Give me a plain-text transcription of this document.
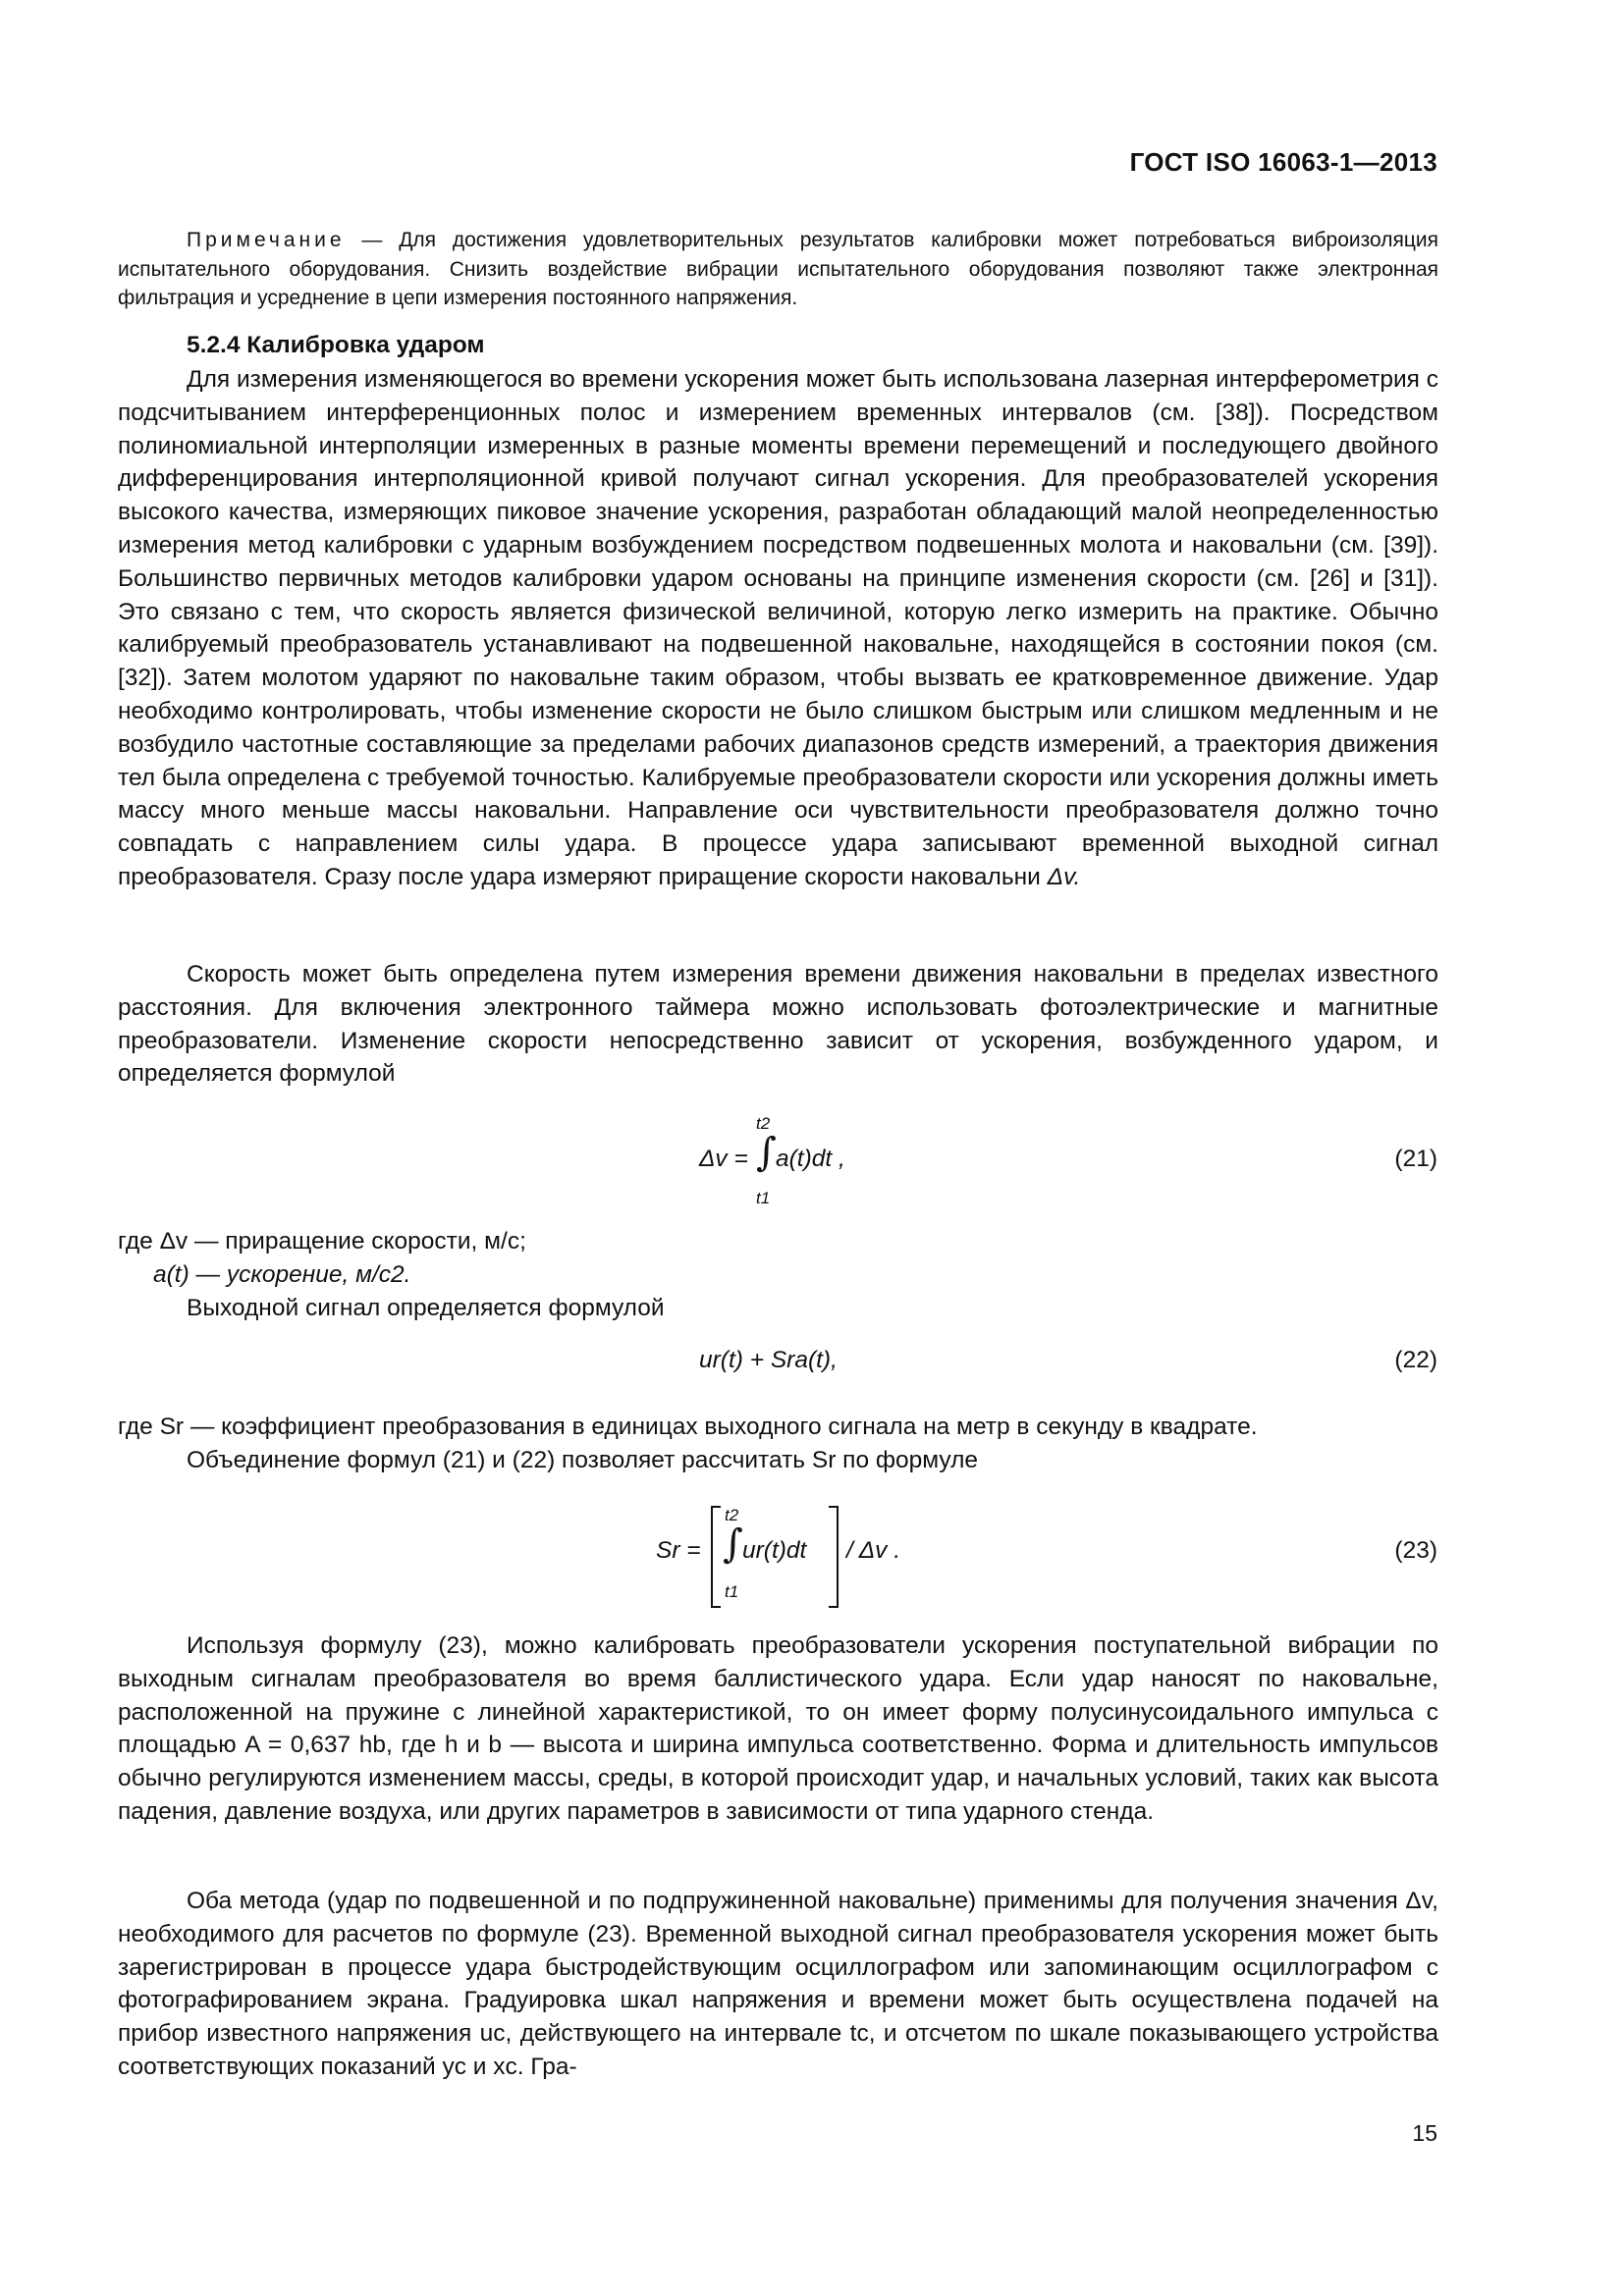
ГОСТ ISO 16063-1—2013

Примечание — Для достижения удовлетворительных результатов калибровки может потребоваться виброизоляция испытательного оборудования. Снизить воздействие вибрации испытательного оборудования позволяют также электронная фильтрация и усреднение в цепи измерения постоянного напряжения.

5.2.4 Калибровка ударом

Для измерения изменяющегося во времени ускорения может быть использована лазерная интерферометрия с подсчитыванием интерференционных полос и измерением временных интервалов (см. [38]). Посредством полиномиальной интерполяции измеренных в разные моменты времени перемещений и последующего двойного дифференцирования интерполяционной кривой получают сигнал ускорения. Для преобразователей ускорения высокого качества, измеряющих пиковое значение ускорения, разработан обладающий малой неопределенностью измерения метод калибровки с ударным возбуждением посредством подвешенных молота и наковальни (см. [39]). Большинство первичных методов калибровки ударом основаны на принципе изменения скорости (см. [26] и [31]). Это связано с тем, что скорость является физической величиной, которую легко измерить на практике. Обычно калибруемый преобразователь устанавливают на подвешенной наковальне, находящейся в состоянии покоя (см. [32]). Затем молотом ударяют по наковальне таким образом, чтобы вызвать ее кратковременное движение. Удар необходимо контролировать, чтобы изменение скорости не было слишком быстрым или слишком медленным и не возбудило частотные составляющие за пределами рабочих диапазонов средств измерений, а траектория движения тел была определена с требуемой точностью. Калибруемые преобразователи скорости или ускорения должны иметь массу много меньше массы наковальни. Направление оси чувствительности преобразователя должно точно совпадать с направлением силы удара. В процессе удара записывают временной выходной сигнал преобразователя. Сразу после удара измеряют приращение скорости наковальни Δv.

Скорость может быть определена путем измерения времени движения наковальни в пределах известного расстояния. Для включения электронного таймера можно использовать фотоэлектрические и магнитные преобразователи. Изменение скорости непосредственно зависит от ускорения, возбужденного ударом, и определяется формулой

Δv = ∫
t2
t1
a(t)dt ,	(21)
где Δv — приращение скорости, м/с;
a(t) — ускорение, м/с2.
Выходной сигнал определяется формулой
ur(t) + Sra(t),	(22)
где Sr — коэффициент преобразования в единицах выходного сигнала на метр в секунду в квадрате.
Объединение формул (21) и (22) позволяет рассчитать Sr по формуле
Sr = ∫
t2
t1
ur(t)dt / Δv .	(23)

Используя формулу (23), можно калибровать преобразователи ускорения поступательной вибрации по выходным сигналам преобразователя во время баллистического удара. Если удар наносят по наковальне, расположенной на пружине с линейной характеристикой, то он имеет форму полусинусоидального импульса с площадью A = 0,637 hb, где h и b — высота и ширина импульса соответственно. Форма и длительность импульсов обычно регулируются изменением массы, среды, в которой происходит удар, и начальных условий, таких как высота падения, давление воздуха, или других параметров в зависимости от типа ударного стенда.

Оба метода (удар по подвешенной и по подпружиненной наковальне) применимы для получения значения Δv, необходимого для расчетов по формуле (23). Временной выходной сигнал преобразователя ускорения может быть зарегистрирован в процессе удара быстродействующим осциллографом или запоминающим осциллографом с фотографированием экрана. Градуировка шкал напряжения и времени может быть осуществлена подачей на прибор известного напряжения uc, действующего на интервале tc, и отсчетом по шкале показывающего устройства соответствующих показаний yc и xc. Гра-

15
